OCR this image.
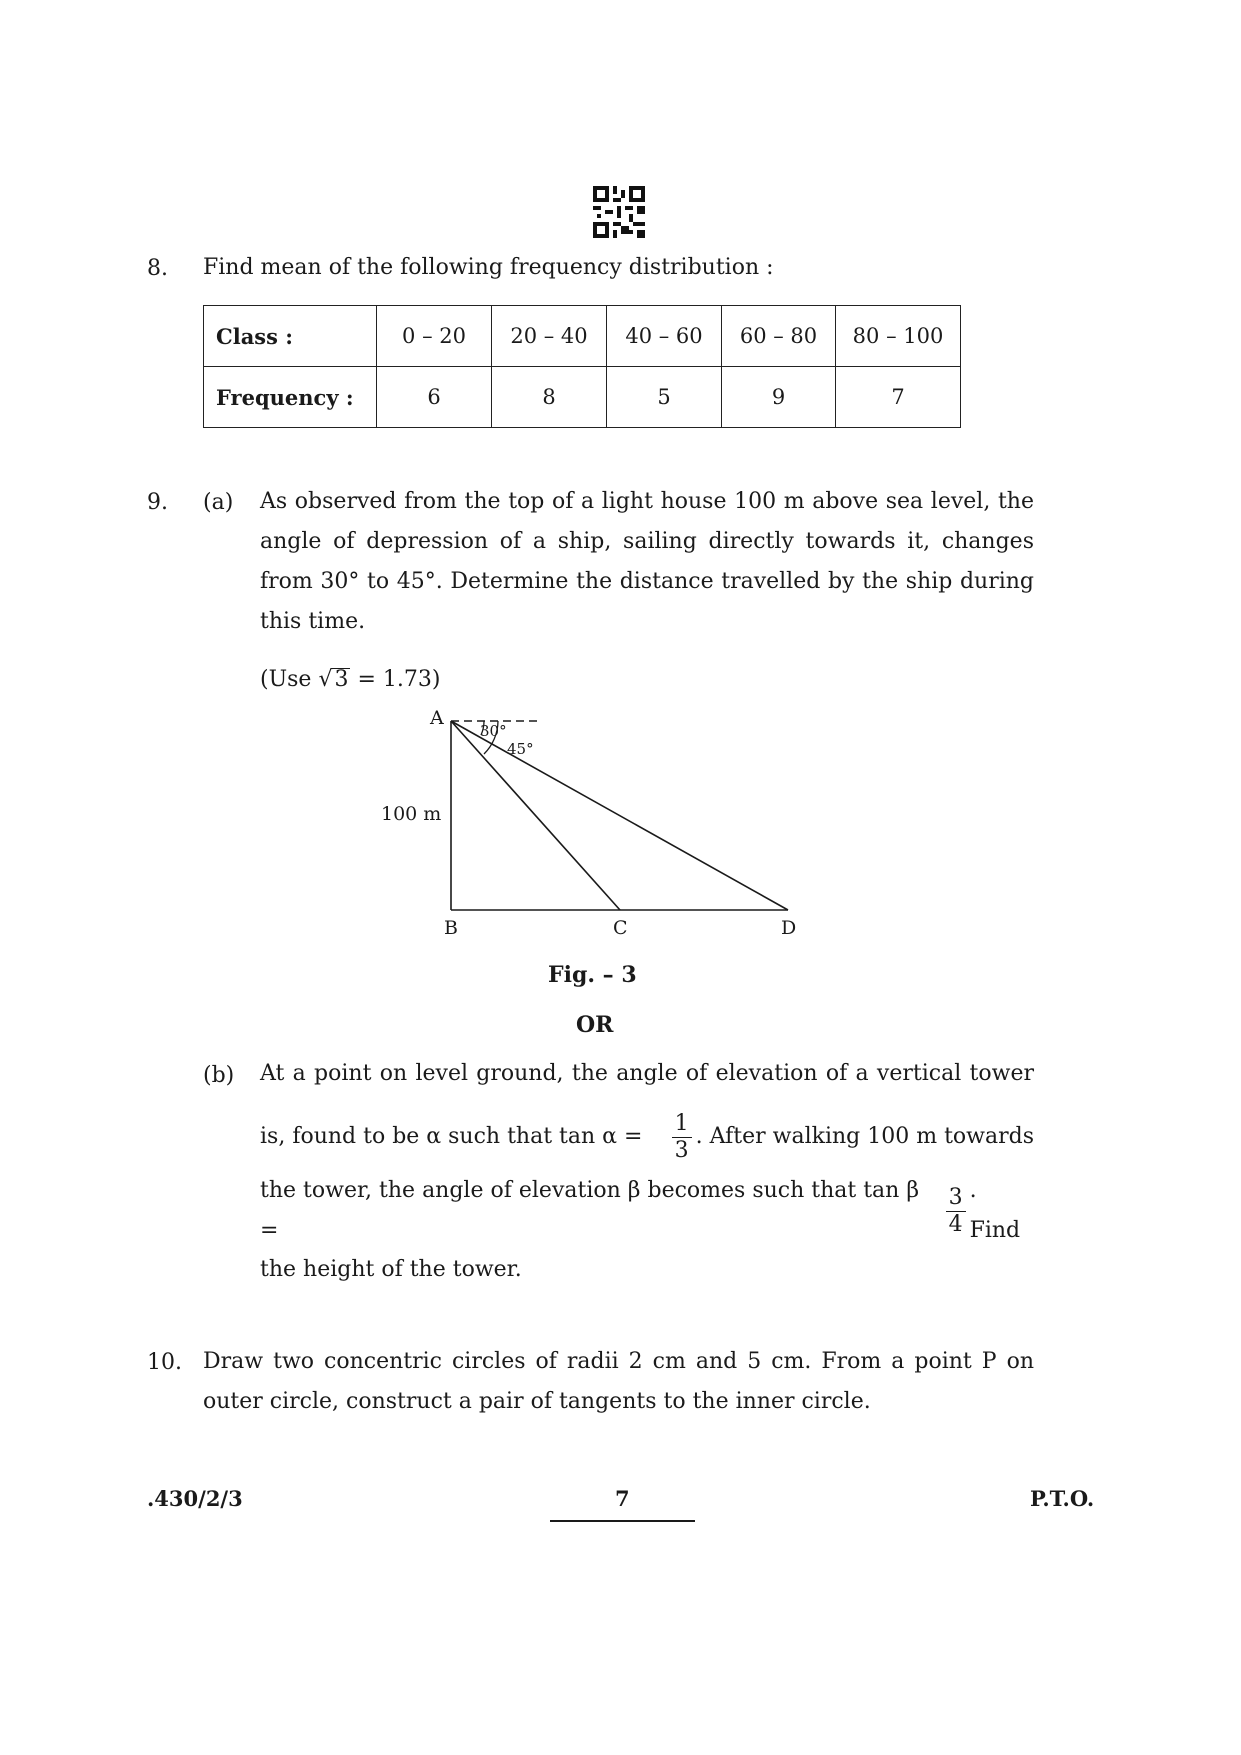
8. Find mean of the following frequency distribution :
Class :	0 – 20	20 – 40	40 – 60	60 – 80	80 – 100
Frequency :	6	8	5	9	7
9. (a) As observed from the top of a light house 100 m above sea level, the
angle of depression of a ship, sailing directly towards it, changes
from 30° to 45°. Determine the distance travelled by the ship during
this time.
(Use √3 = 1.73)
A
30°
45°
100 m
B	C	D
Fig. – 3
OR
(b) At a point on level ground, the angle of elevation of a vertical tower
is, found to be α such that $\tan \alpha = \frac{1}{3}$ . After walking 100 m towards
the tower, the angle of elevation β becomes such that tan β =	$\frac{3}{4}$ . Find
the height of the tower.
10. Draw two concentric circles of radii 2 cm and 5 cm. From a point P on
outer circle, construct a pair of tangents to the inner circle.
.430/2/3	7	P.T.O.
